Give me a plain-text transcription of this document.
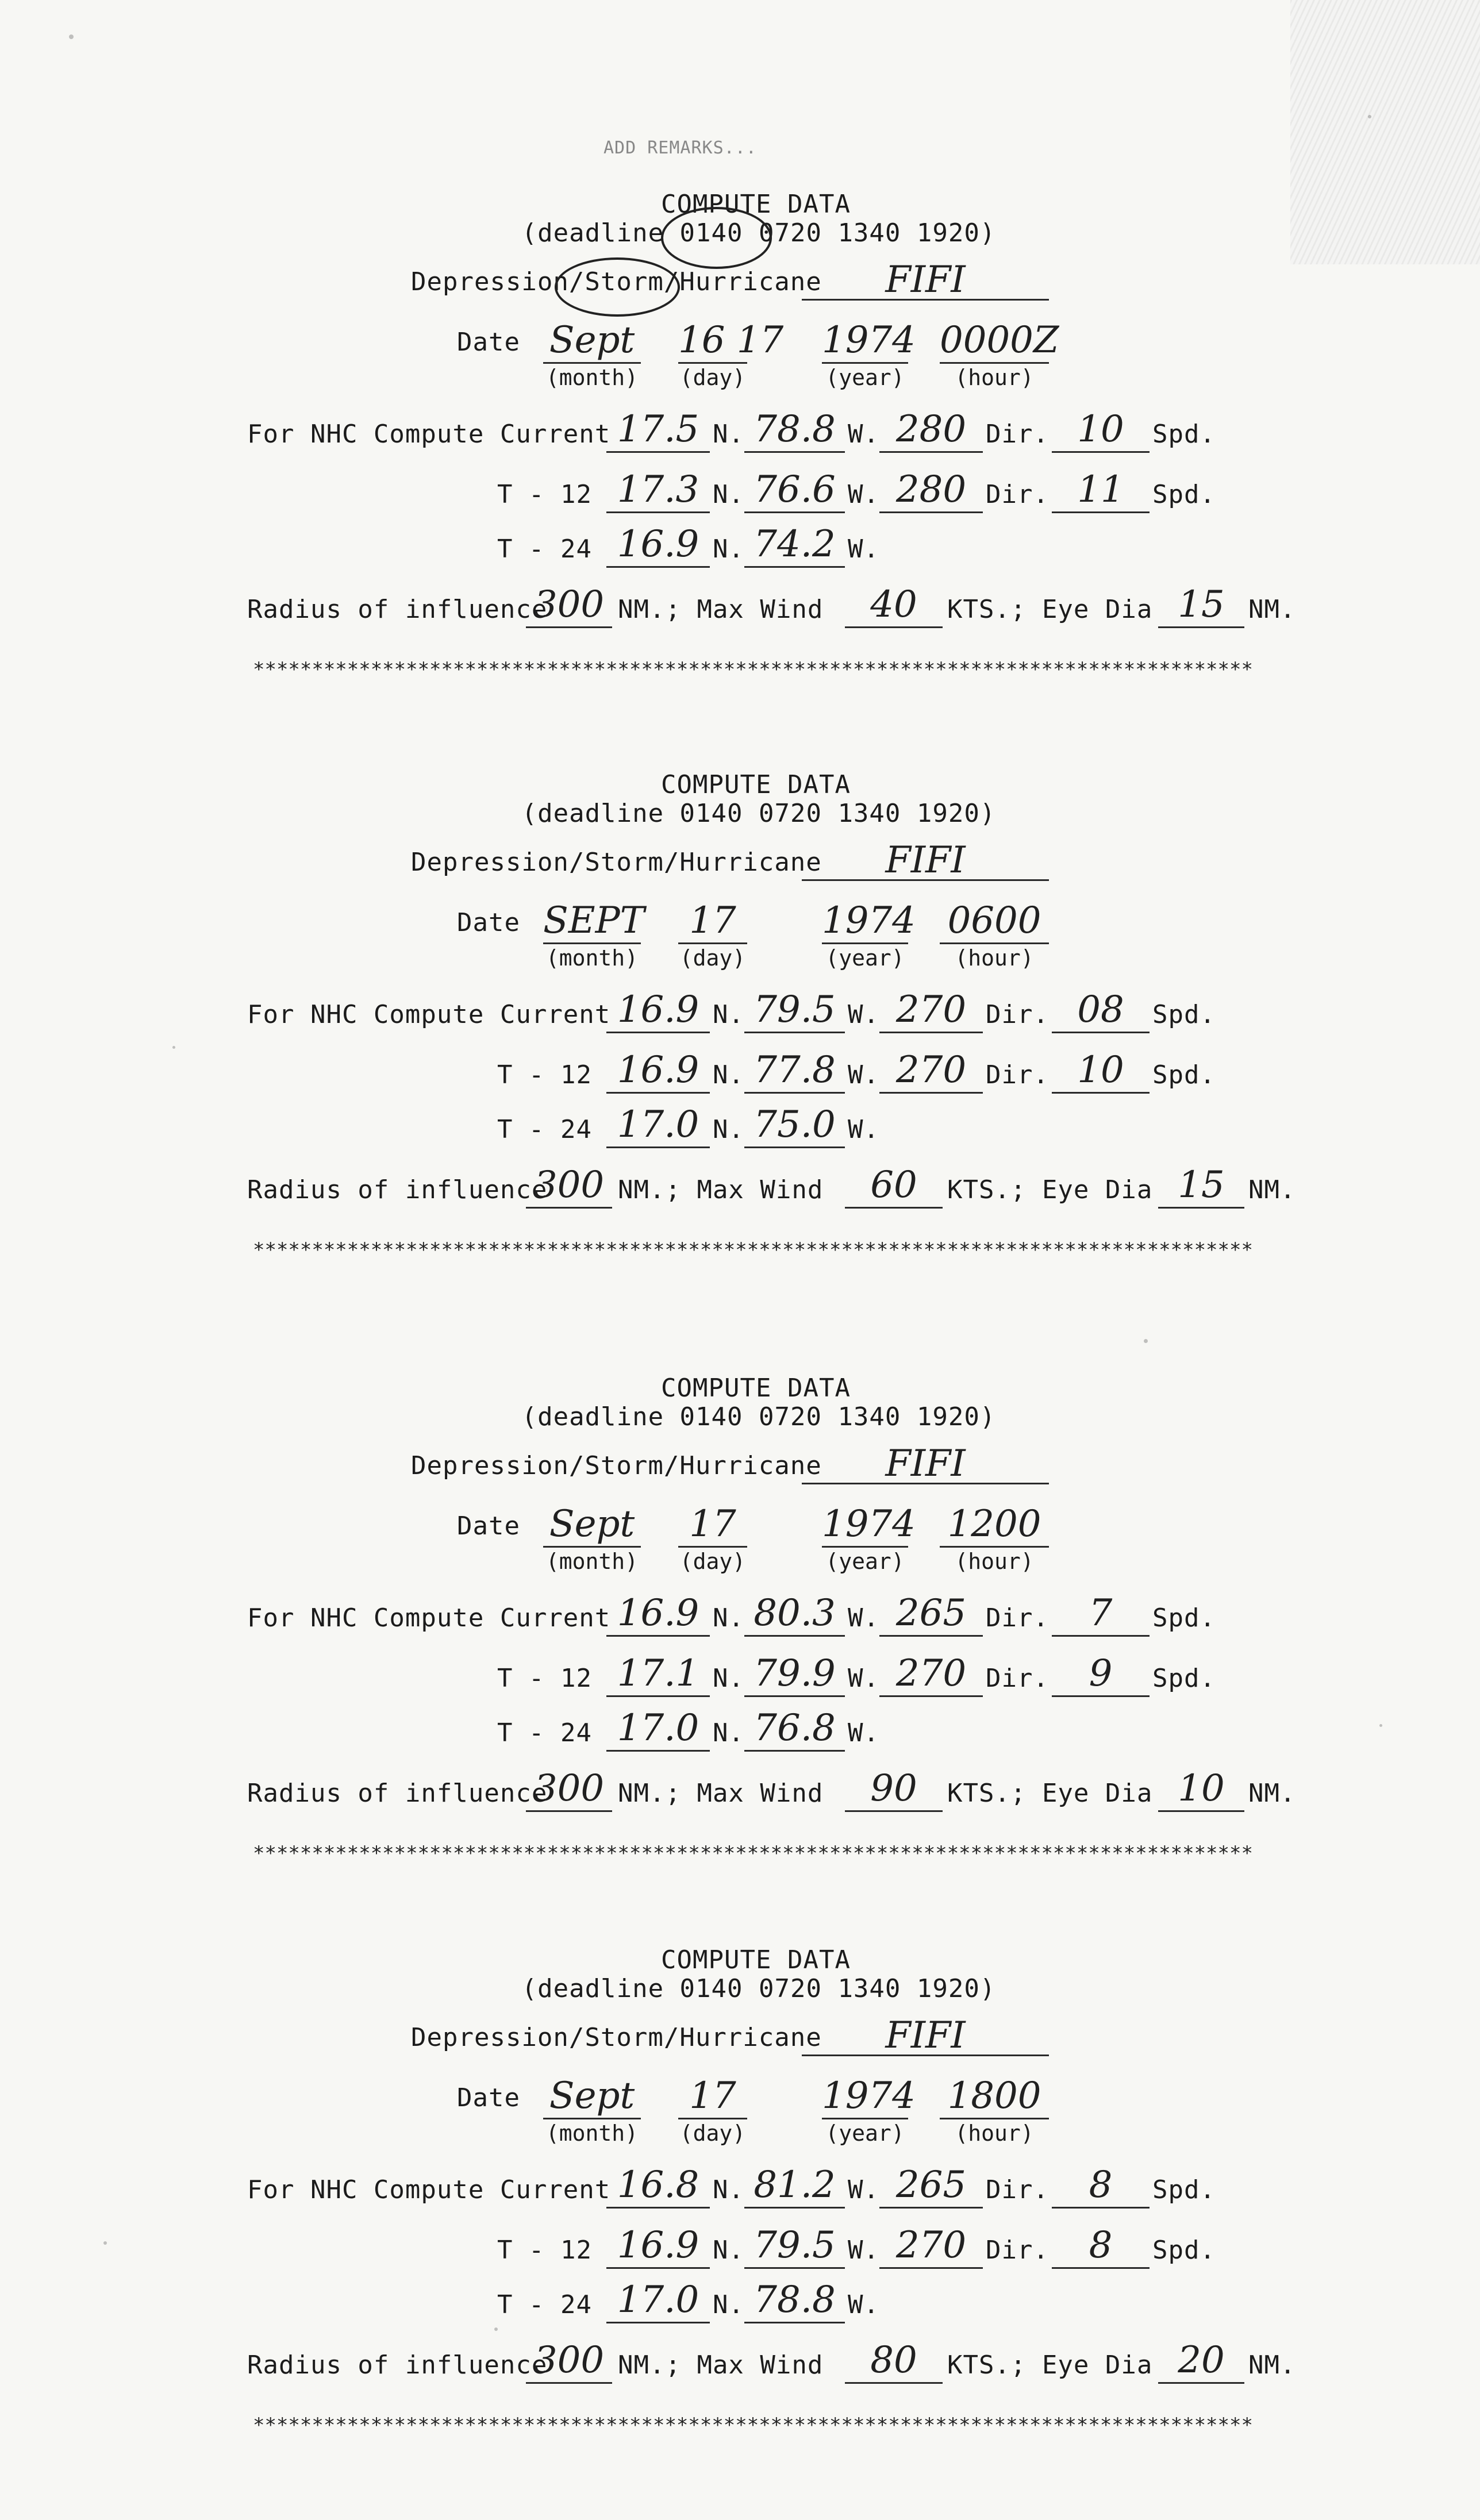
ADD REMARKS...
COMPUTE DATA
(deadline 0140 0720 1340 1920)
Depression/Storm/Hurricane	FIFI
Date Sept 16 17 1974 0000Z
(month) (day)	(year)	(hour)
For NHC Compute Current 17.5 N. 78.8 W. 280 Dir. 10	Spd.
T - 12 17.3 N. 76.6 W. 280 Dir. 11	Spd.
T - 24 16.9 N. 74.2 W.
Radius of influence
300 NM.; Max Wind	40	KTS.; Eye Dia 15 NM.
*************************************************************************************
COMPUTE DATA
(deadline 0140 0720 1340 1920)
Depression/Storm/Hurricane	FIFI
Date SEPT	17	1974 0600
(month) (day)	(year)	(hour)
For NHC Compute Current 16.9 N. 79.5 W. 270 Dir. 08	Spd.
T - 12 16.9 N. 77.8 W. 270 Dir. 10	Spd.
T - 24 17.0 N. 75.0 W.
Radius of influence
300 NM.; Max Wind	60	KTS.; Eye Dia 15 NM.
*************************************************************************************
COMPUTE DATA
(deadline 0140 0720 1340 1920)
Depression/Storm/Hurricane	FIFI
Date Sept	17	1974 1200
(month) (day)	(year)	(hour)
For NHC Compute Current 16.9 N. 80.3 W. 265 Dir.	7	Spd.
T - 12 17.1 N. 79.9 W. 270 Dir.	9	Spd.
T - 24 17.0 N. 76.8 W.
Radius of influence
300 NM.; Max Wind	90	KTS.; Eye Dia 10 NM.
*************************************************************************************
COMPUTE DATA
(deadline 0140 0720 1340 1920)
Depression/Storm/Hurricane	FIFI
Date Sept	17	1974 1800
(month) (day)	(year)	(hour)
For NHC Compute Current 16.8 N. 81.2 W. 265 Dir.	8	Spd.
T - 12 16.9 N. 79.5 W. 270 Dir.	8	Spd.
T - 24 17.0 N. 78.8 W.
Radius of influence
300 NM.; Max Wind	80	KTS.; Eye Dia 20 NM.
*************************************************************************************
